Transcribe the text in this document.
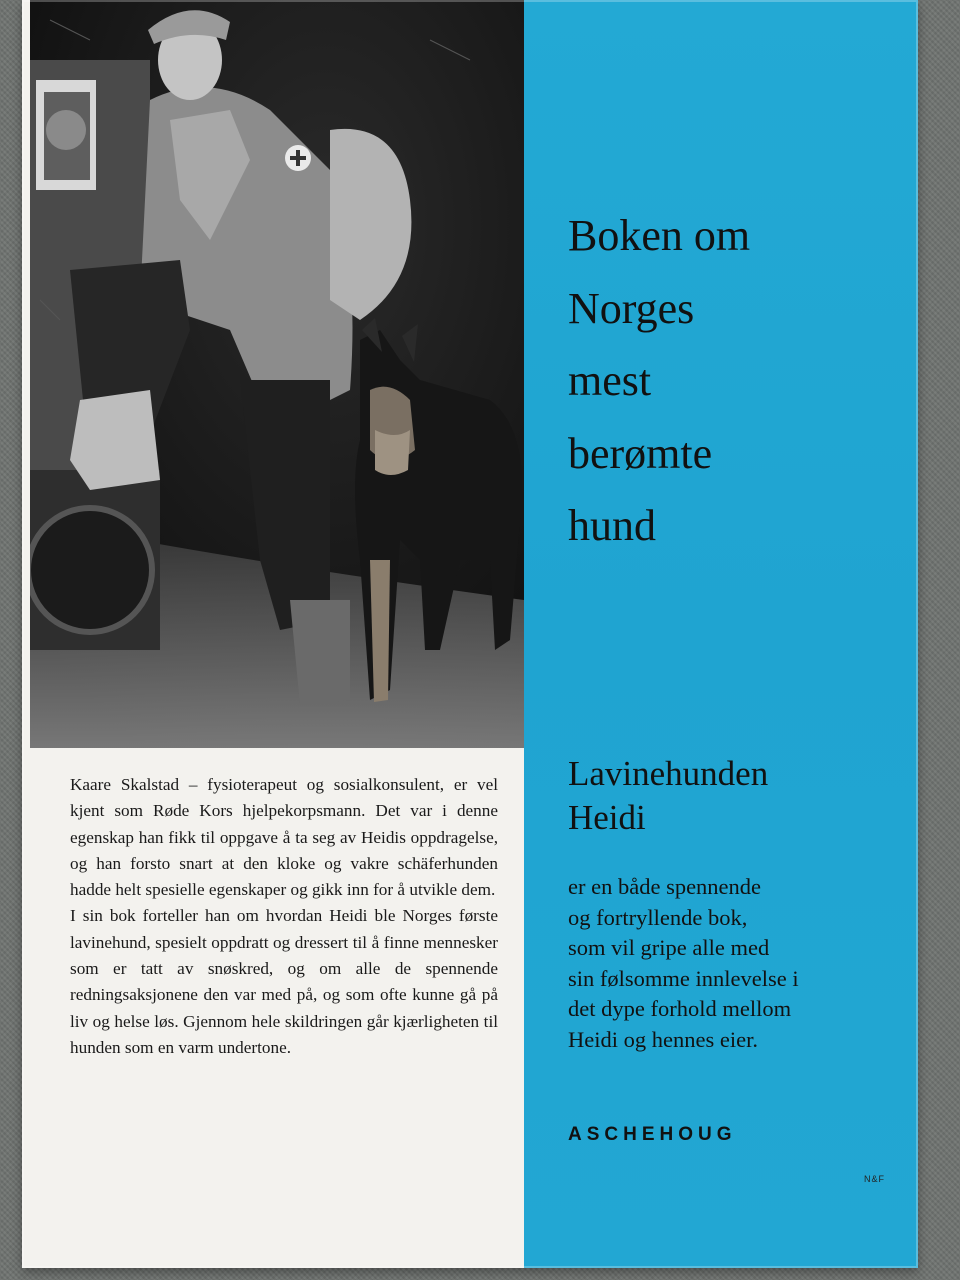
Kaare Skalstad – fysioterapeut og sosialkonsulent, er vel kjent som Røde Kors hjelpekorpsmann. Det var i denne egenskap han fikk til oppgave å ta seg av Heidis oppdragelse, og han forsto snart at den kloke og vakre schäferhunden hadde helt spesielle egenskaper og gikk inn for å utvikle dem.

I sin bok forteller han om hvordan Heidi ble Norges første lavinehund, spesielt oppdratt og dressert til å finne mennesker som er tatt av snøskred, og om alle de spennende redningsaksjonene den var med på, og som ofte kunne gå på liv og helse løs. Gjennom hele skildringen går kjærligheten til hunden som en varm undertone.

Boken om
Norges
mest
berømte
hund
Lavinehunden
Heidi
er en både spennende
og fortryllende bok,
som vil gripe alle med
sin følsomme innlevelse i
det dype forhold mellom
Heidi og hennes eier.
ASCHEHOUG
N&F
